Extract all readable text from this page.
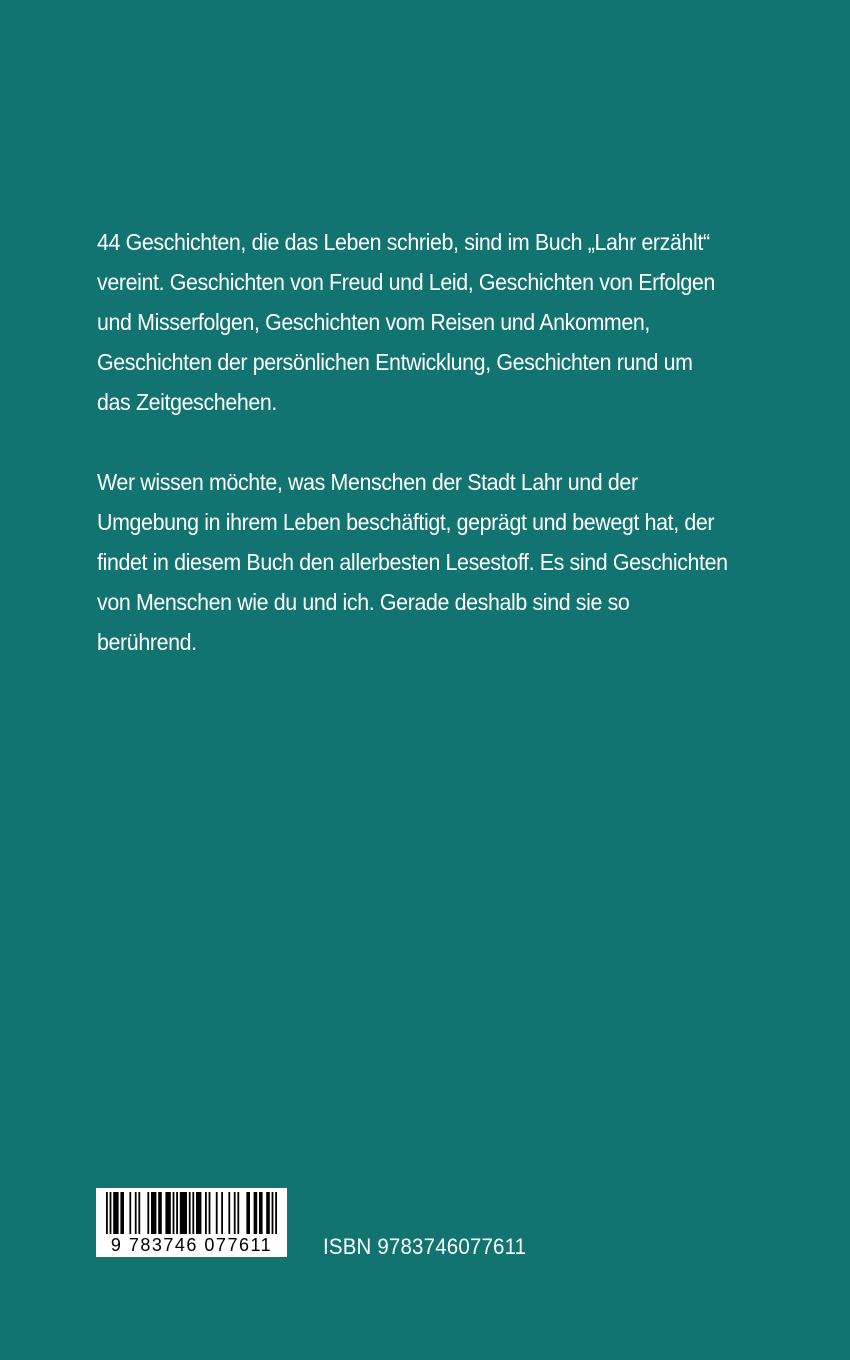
44 Geschichten, die das Leben schrieb, sind im Buch „Lahr erzählt“ vereint. Geschichten von Freud und Leid, Geschichten von Erfolgen und Misserfolgen, Geschichten vom Reisen und Ankommen, Geschichten der persönlichen Entwicklung, Geschichten rund um das Zeitgeschehen.

Wer wissen möchte, was Menschen der Stadt Lahr und der Umgebung in ihrem Leben beschäftigt, geprägt und bewegt hat, der findet in diesem Buch den allerbesten Lesestoff. Es sind Geschichten von Menschen wie du und ich. Gerade deshalb sind sie so berührend.

9 783746 077611	ISBN 9783746077611
